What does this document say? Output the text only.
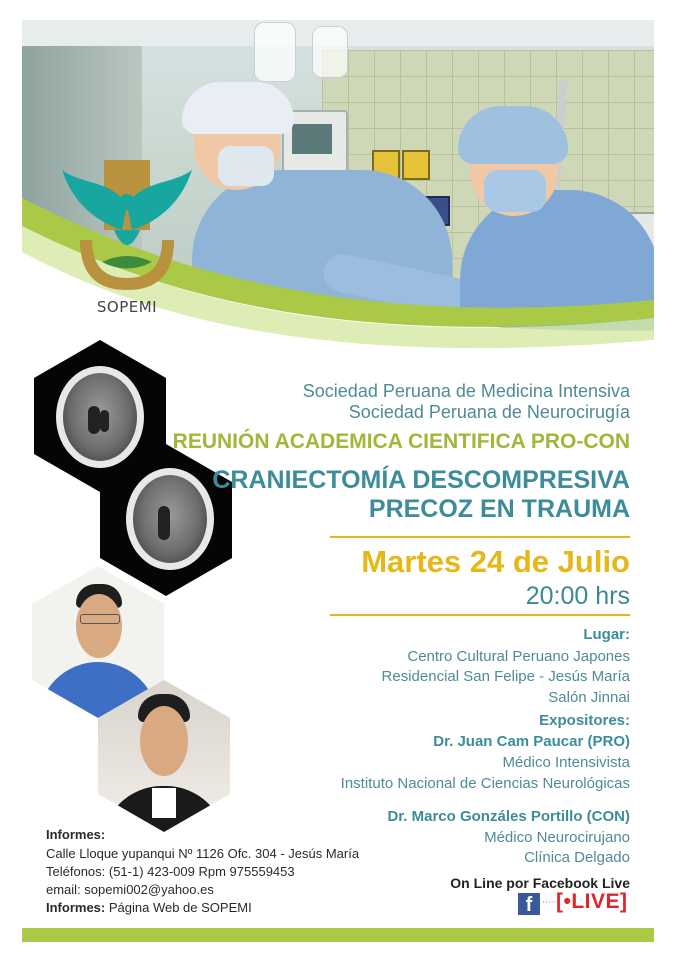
SOPEMI
Sociedad Peruana de Medicina Intensiva
Sociedad Peruana de Neurocirugía
REUNIÓN ACADEMICA CIENTIFICA PRO-CON
CRANIECTOMÍA DESCOMPRESIVA
PRECOZ EN TRAUMA
Martes 24 de Julio
20:00 hrs
Lugar:
Centro Cultural Peruano Japones
Residencial San Felipe - Jesús María
Salón Jinnai
Expositores:
Dr. Juan Cam Paucar (PRO)
Médico Intensivista
Instituto Nacional de Ciencias Neurológicas
Dr. Marco Gonzáles Portillo (CON)
Médico Neurocirujano
Clínica Delgado
Informes:
Calle Lloque yupanqui Nº 1126 Ofc. 304 - Jesús María
Teléfonos: (51-1) 423-009 Rpm 975559453
email: sopemi002@yahoo.es
Informes: Página Web de SOPEMI
On Line por Facebook Live
f	····· [•LIVE]
